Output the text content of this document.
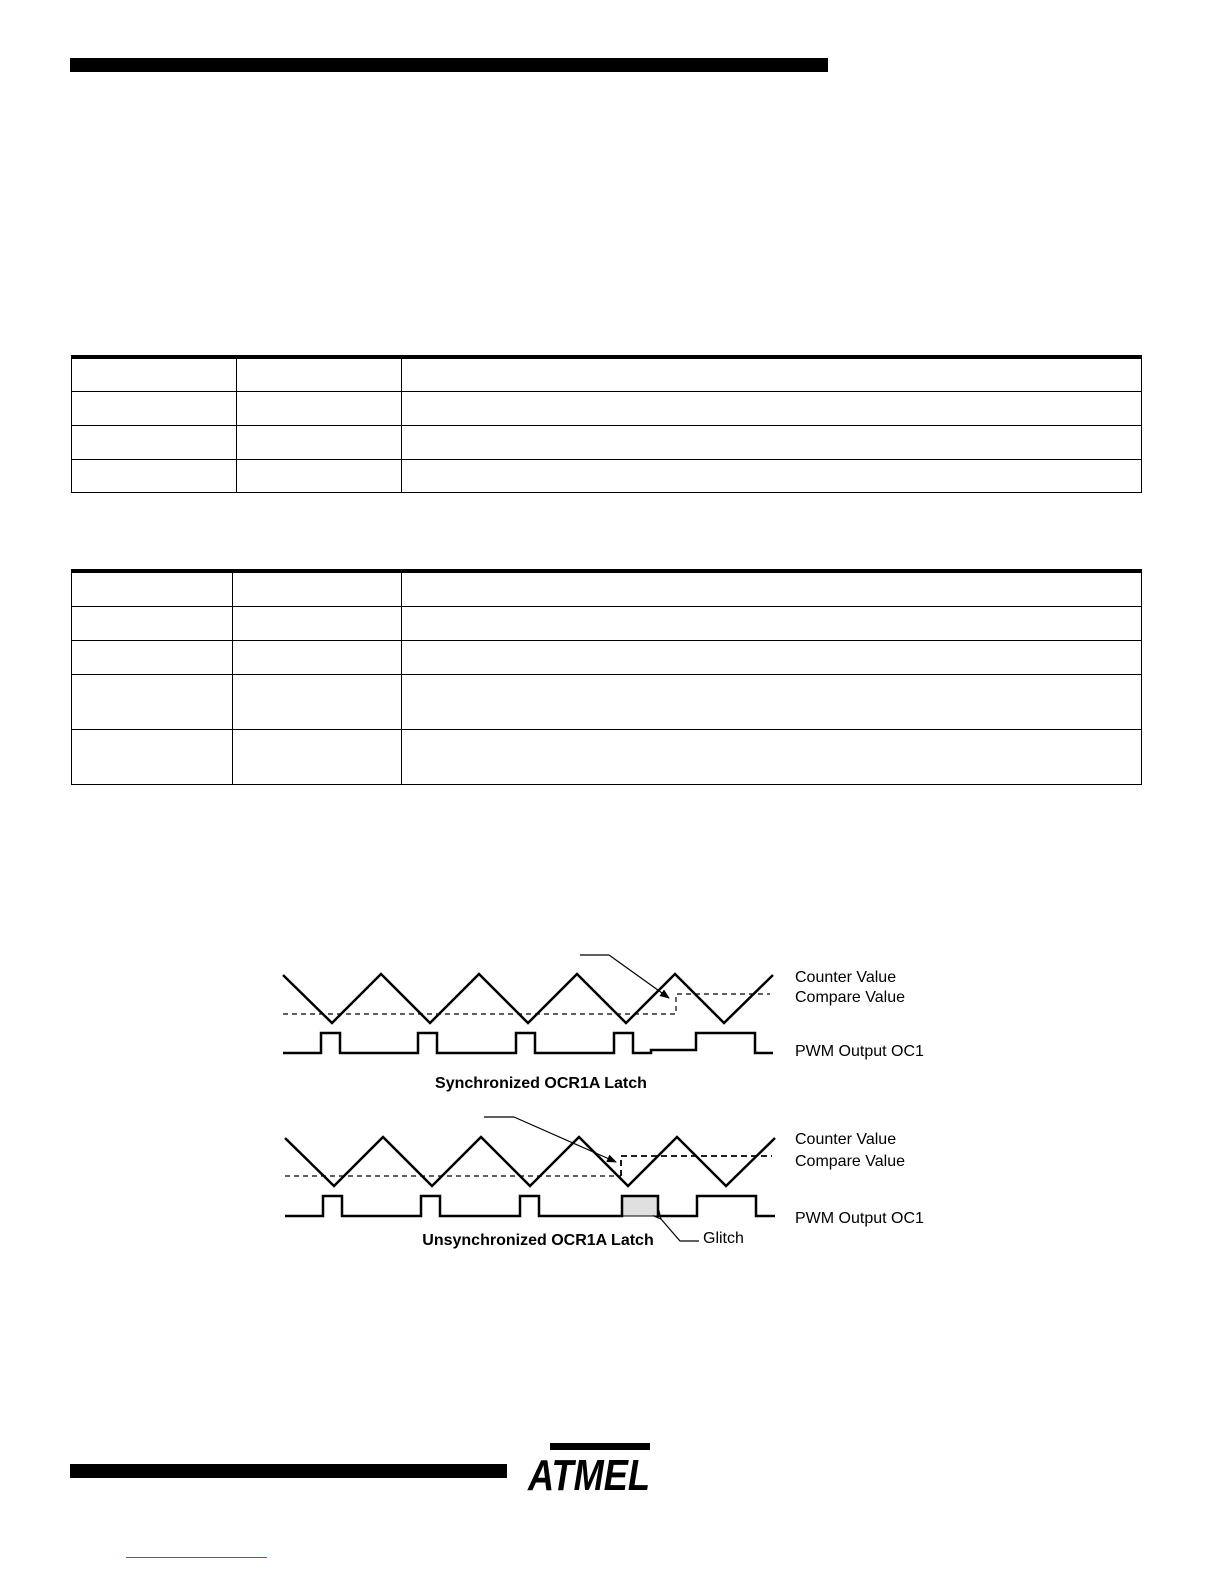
Counter Value
Compare Value
PWM Output OC1
Synchronized OCR1A Latch
Counter Value
Compare Value
PWM Output OC1
Glitch
Unsynchronized OCR1A Latch
ATMEL
